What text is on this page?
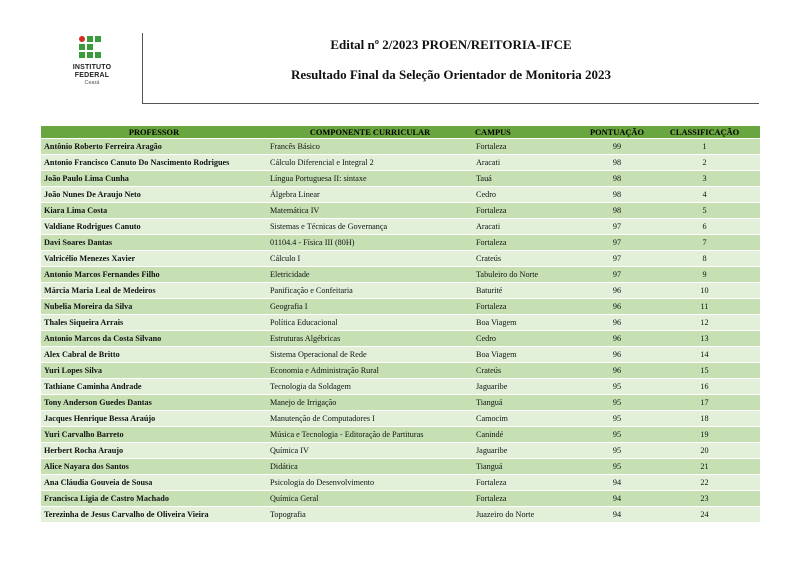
INSTITUTO
FEDERAL
Ceará
Edital nº 2/2023 PROEN/REITORIA-IFCE
Resultado Final da Seleção Orientador de Monitoria 2023
PROFESSOR	COMPONENTE CURRICULAR	CAMPUS	PONTUAÇÃO	CLASSIFICAÇÃO
Antônio Roberto Ferreira Aragão	Francês Básico	Fortaleza	99	1
Antonio Francisco Canuto Do Nascimento Rodrigues	Cálculo Diferencial e Integral 2	Aracati	98	2
João Paulo Lima Cunha	Língua Portuguesa II: sintaxe	Tauá	98	3
João Nunes De Araujo Neto	Álgebra Linear	Cedro	98	4
Kiara Lima Costa	Matemática IV	Fortaleza	98	5
Valdiane Rodrigues Canuto	Sistemas e Técnicas de Governança	Aracati	97	6
Davi Soares Dantas	01104.4 - Física III (80H)	Fortaleza	97	7
Valricélio Menezes Xavier	Cálculo I	Crateús	97	8
Antonio Marcos Fernandes Filho	Eletricidade	Tabuleiro do Norte	97	9
Márcia Maria Leal de Medeiros	Panificação e Confeitaria	Baturité	96	10
Nubelia Moreira da Silva	Geografia I	Fortaleza	96	11
Thales Siqueira Arrais	Política Educacional	Boa Viagem	96	12
Antonio Marcos da Costa Silvano	Estruturas Algébricas	Cedro	96	13
Alex Cabral de Britto	Sistema Operacional de Rede	Boa Viagem	96	14
Yuri Lopes Silva	Economia e Administração Rural	Crateús	96	15
Tathiane Caminha Andrade	Tecnologia da Soldagem	Jaguaribe	95	16
Tony Anderson Guedes Dantas	Manejo de Irrigação	Tianguá	95	17
Jacques Henrique Bessa Araújo	Manutenção de Computadores I	Camocim	95	18
Yuri Carvalho Barreto	Música e Tecnologia - Editoração de Partituras	Canindé	95	19
Herbert Rocha Araujo	Química IV	Jaguaribe	95	20
Alice Nayara dos Santos	Didática	Tianguá	95	21
Ana Cláudia Gouveia de Sousa	Psicologia do Desenvolvimento	Fortaleza	94	22
Francisca Ligia de Castro Machado	Química Geral	Fortaleza	94	23
Terezinha de Jesus Carvalho de Oliveira Vieira	Topografia	Juazeiro do Norte	94	24
